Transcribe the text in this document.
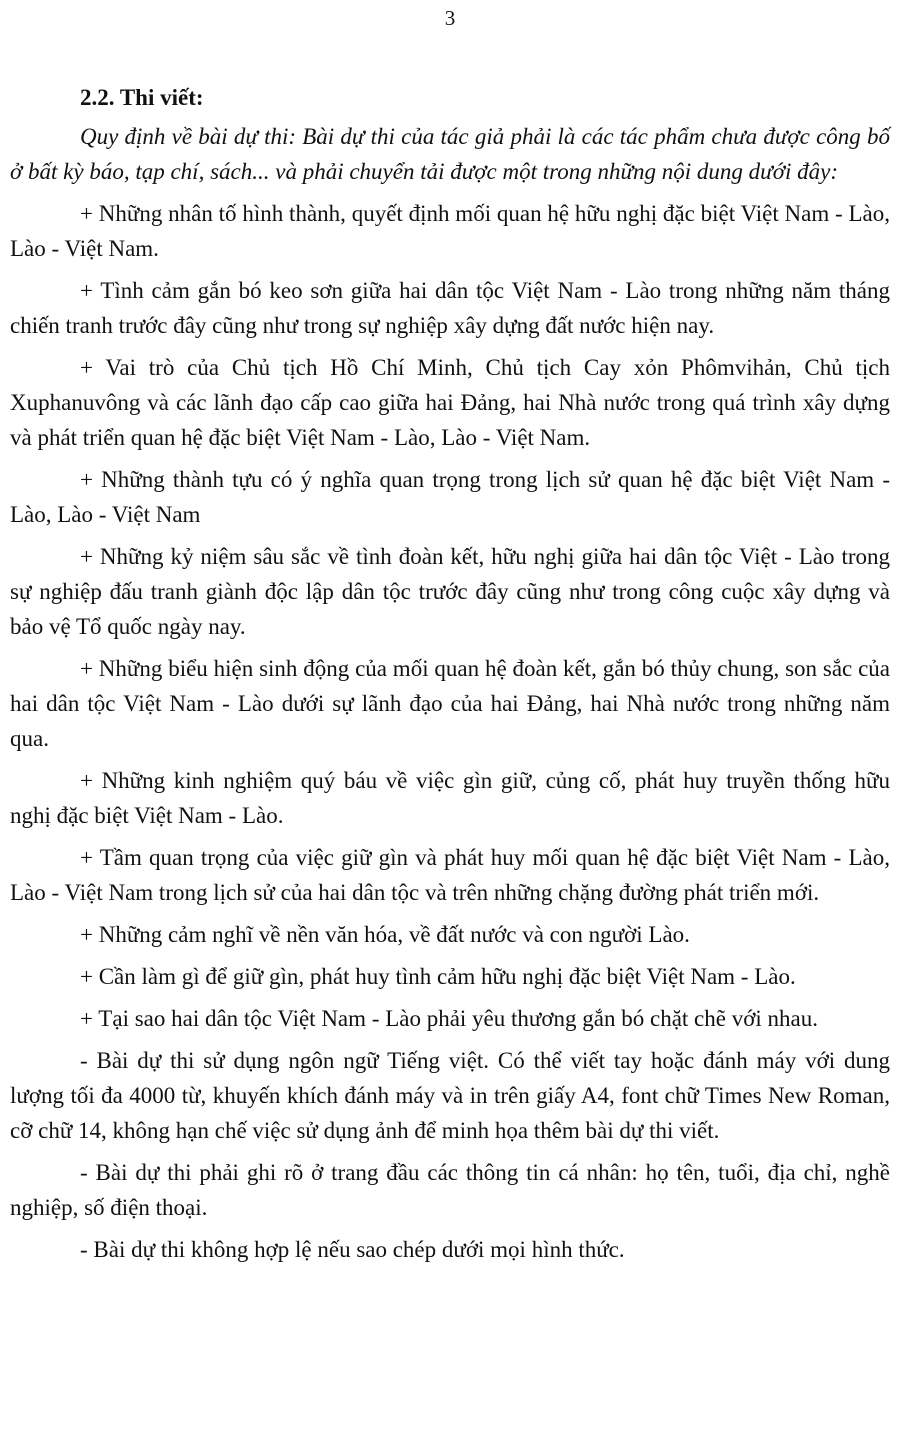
3
2.2. Thi viết:

Quy định về bài dự thi: Bài dự thi của tác giả phải là các tác phẩm chưa được công bố ở bất kỳ báo, tạp chí, sách... và phải chuyển tải được một trong những nội dung dưới đây:

+ Những nhân tố hình thành, quyết định mối quan hệ hữu nghị đặc biệt Việt Nam - Lào, Lào - Việt Nam.

+ Tình cảm gắn bó keo sơn giữa hai dân tộc Việt Nam - Lào trong những năm tháng chiến tranh trước đây cũng như trong sự nghiệp xây dựng đất nước hiện nay.

+ Vai trò của Chủ tịch Hồ Chí Minh, Chủ tịch Cay xỏn Phômvihản, Chủ tịch Xuphanuvông và các lãnh đạo cấp cao giữa hai Đảng, hai Nhà nước trong quá trình xây dựng và phát triển quan hệ đặc biệt Việt Nam - Lào, Lào - Việt Nam.

+ Những thành tựu có ý nghĩa quan trọng trong lịch sử quan hệ đặc biệt Việt Nam - Lào, Lào - Việt Nam

+ Những kỷ niệm sâu sắc về tình đoàn kết, hữu nghị giữa hai dân tộc Việt - Lào trong sự nghiệp đấu tranh giành độc lập dân tộc trước đây cũng như trong công cuộc xây dựng và bảo vệ Tổ quốc ngày nay.

+ Những biểu hiện sinh động của mối quan hệ đoàn kết, gắn bó thủy chung, son sắc của hai dân tộc Việt Nam - Lào dưới sự lãnh đạo của hai Đảng, hai Nhà nước trong những năm qua.

+ Những kinh nghiệm quý báu về việc gìn giữ, củng cố, phát huy truyền thống hữu nghị đặc biệt Việt Nam - Lào.

+ Tầm quan trọng của việc giữ gìn và phát huy mối quan hệ đặc biệt Việt Nam - Lào, Lào - Việt Nam trong lịch sử của hai dân tộc và trên những chặng đường phát triển mới.

+ Những cảm nghĩ về nền văn hóa, về đất nước và con người Lào.

+ Cần làm gì để giữ gìn, phát huy tình cảm hữu nghị đặc biệt Việt Nam - Lào.

+ Tại sao hai dân tộc Việt Nam - Lào phải yêu thương gắn bó chặt chẽ với nhau.

- Bài dự thi sử dụng ngôn ngữ Tiếng việt. Có thể viết tay hoặc đánh máy với dung lượng tối đa 4000 từ, khuyến khích đánh máy và in trên giấy A4, font chữ Times New Roman, cỡ chữ 14, không hạn chế việc sử dụng ảnh để minh họa thêm bài dự thi viết.

- Bài dự thi phải ghi rõ ở trang đầu các thông tin cá nhân: họ tên, tuổi, địa chỉ, nghề nghiệp, số điện thoại.

- Bài dự thi không hợp lệ nếu sao chép dưới mọi hình thức.
